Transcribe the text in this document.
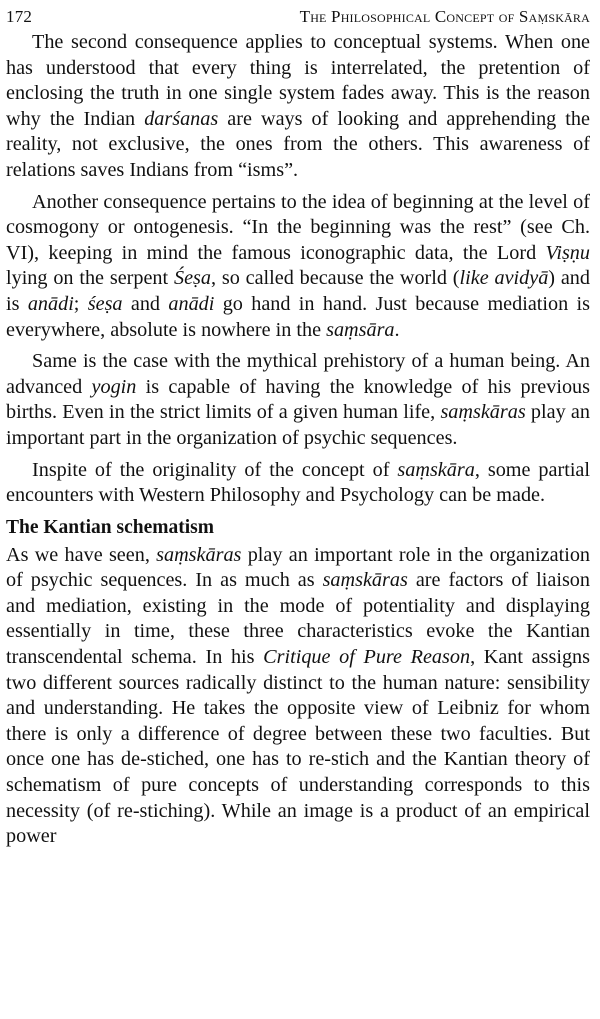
172	The Philosophical Concept of Saṃskāra

The second consequence applies to conceptual systems. When one has understood that every thing is interrelated, the pretention of enclosing the truth in one single system fades away. This is the reason why the Indian darśanas are ways of looking and apprehending the reality, not exclusive, the ones from the others. This awareness of relations saves Indians from “isms”.

Another consequence pertains to the idea of beginning at the level of cosmogony or ontogenesis. “In the beginning was the rest” (see Ch. VI), keeping in mind the famous iconographic data, the Lord Viṣṇu lying on the serpent Śeṣa, so called because the world (like avidyā) and is anādi; śeṣa and anādi go hand in hand. Just because mediation is everywhere, absolute is nowhere in the saṃsāra.

Same is the case with the mythical prehistory of a human being. An advanced yogin is capable of having the knowledge of his previous births. Even in the strict limits of a given human life, saṃskāras play an important part in the organization of psychic sequences.

Inspite of the originality of the concept of saṃskāra, some partial encounters with Western Philosophy and Psychology can be made.

The Kantian schematism

As we have seen, saṃskāras play an important role in the organization of psychic sequences. In as much as saṃskāras are factors of liaison and mediation, existing in the mode of potentiality and displaying essentially in time, these three characteristics evoke the Kantian transcendental schema. In his Critique of Pure Reason, Kant assigns two different sources radically distinct to the human nature: sensibility and understanding. He takes the opposite view of Leibniz for whom there is only a difference of degree between these two faculties. But once one has de-stiched, one has to re-stich and the Kantian theory of schematism of pure concepts of understanding corresponds to this necessity (of re-stiching). While an image is a product of an empirical power
